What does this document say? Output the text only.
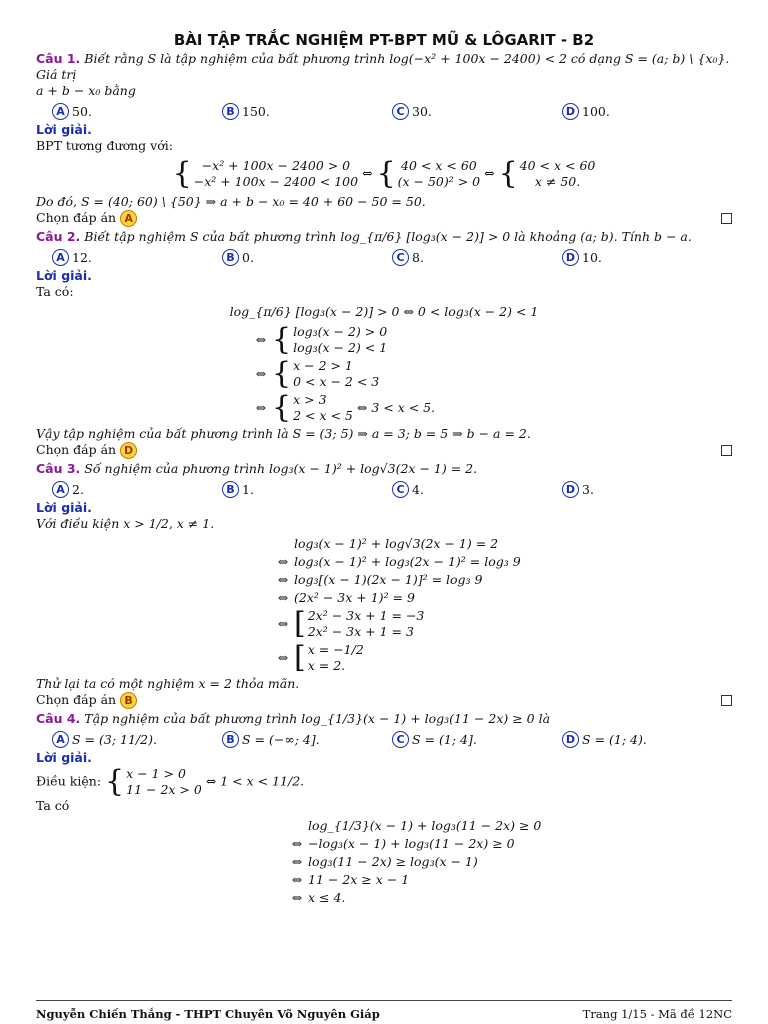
BÀI TẬP TRẮC NGHIỆM PT-BPT MŨ & LÔGARIT - B2
Câu 1. Biết rằng S là tập nghiệm của bất phương trình log(−x² + 100x − 2400) < 2 có dạng S = (a; b) \ {x₀}. Giá trị
a + b − x₀ bằng
A 50.	B 150.	C 30.	D 100.
Lời giải.
BPT tương đương với:
{ −x² + 100x − 2400 > 0
−x² + 100x − 2400 < 100
⇔ { 40 < x < 60
(x − 50)² > 0
⇔ { 40 < x < 60
x ≠ 50.
Do đó, S = (40; 60) \ {50} ⇒ a + b − x₀ = 40 + 60 − 50 = 50.
Chọn đáp án A
Câu 2. Biết tập nghiệm S của bất phương trình log_{π/6} [log₃(x − 2)] > 0 là khoảng (a; b). Tính b − a.
A 12.	B 0.	C 8.	D 10.
Lời giải.
Ta có:
log_{π/6} [log₃(x − 2)] > 0 ⇔ 0 < log₃(x − 2) < 1
⇔ { log₃(x − 2) > 0
log₃(x − 2) < 1
⇔ { x − 2 > 1
0 < x − 2 < 3
⇔ { x > 3
2 < x < 5
⇔ 3 < x < 5.
Vậy tập nghiệm của bất phương trình là S = (3; 5) ⇒ a = 3; b = 5 ⇒ b − a = 2.
Chọn đáp án D
Câu 3. Số nghiệm của phương trình log₃(x − 1)² + log√3(2x − 1) = 2.
A 2.	B 1.	C 4.	D 3.
Lời giải.
Với điều kiện x > 1/2, x ≠ 1.
log₃(x − 1)² + log√3(2x − 1) = 2
⇔ log₃(x − 1)² + log₃(2x − 1)² = log₃ 9
⇔ log₃[(x − 1)(2x − 1)]² = log₃ 9
⇔ (2x² − 3x + 1)² = 9
⇔ [ 2x² − 3x + 1 = −3
2x² − 3x + 1 = 3
⇔ [ x = −1/2
x = 2.
Thử lại ta có một nghiệm x = 2 thỏa mãn.
Chọn đáp án B
Câu 4. Tập nghiệm của bất phương trình log_{1/3}(x − 1) + log₃(11 − 2x) ≥ 0 là
A S = (3; 11/2).	B S = (−∞; 4].	C S = (1; 4].	D S = (1; 4).
Lời giải.
Điều kiện: { x − 1 > 0
11 − 2x > 0
⇔ 1 < x < 11/2.
Ta có
log_{1/3}(x − 1) + log₃(11 − 2x) ≥ 0
⇔ −log₃(x − 1) + log₃(11 − 2x) ≥ 0
⇔ log₃(11 − 2x) ≥ log₃(x − 1)
⇔ 11 − 2x ≥ x − 1
⇔ x ≤ 4.
Nguyễn Chiến Thắng - THPT Chuyên Võ Nguyên Giáp	Trang 1/15 - Mã đề 12NC
